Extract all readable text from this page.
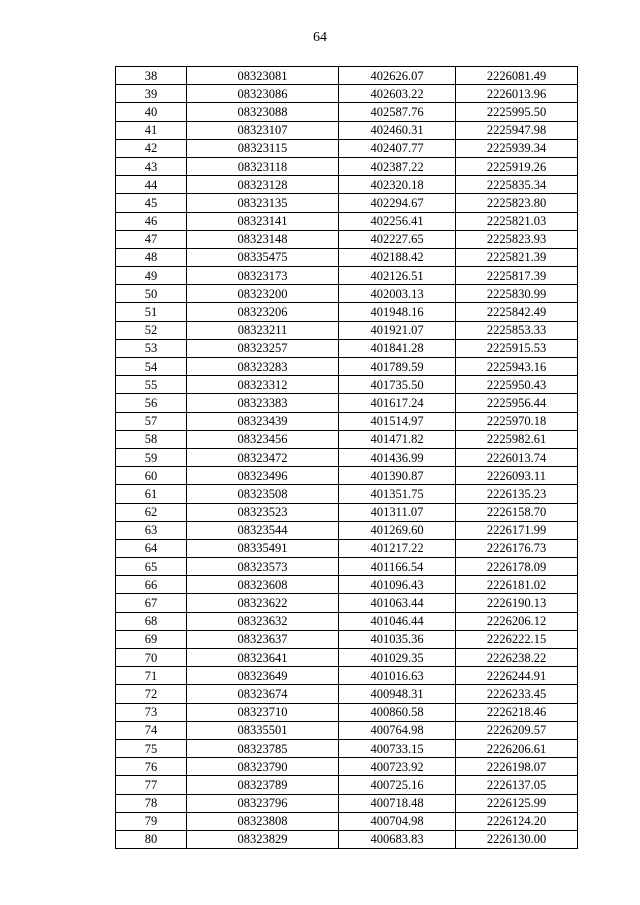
64
38	08323081	402626.07	2226081.49
39	08323086	402603.22	2226013.96
40	08323088	402587.76	2225995.50
41	08323107	402460.31	2225947.98
42	08323115	402407.77	2225939.34
43	08323118	402387.22	2225919.26
44	08323128	402320.18	2225835.34
45	08323135	402294.67	2225823.80
46	08323141	402256.41	2225821.03
47	08323148	402227.65	2225823.93
48	08335475	402188.42	2225821.39
49	08323173	402126.51	2225817.39
50	08323200	402003.13	2225830.99
51	08323206	401948.16	2225842.49
52	08323211	401921.07	2225853.33
53	08323257	401841.28	2225915.53
54	08323283	401789.59	2225943.16
55	08323312	401735.50	2225950.43
56	08323383	401617.24	2225956.44
57	08323439	401514.97	2225970.18
58	08323456	401471.82	2225982.61
59	08323472	401436.99	2226013.74
60	08323496	401390.87	2226093.11
61	08323508	401351.75	2226135.23
62	08323523	401311.07	2226158.70
63	08323544	401269.60	2226171.99
64	08335491	401217.22	2226176.73
65	08323573	401166.54	2226178.09
66	08323608	401096.43	2226181.02
67	08323622	401063.44	2226190.13
68	08323632	401046.44	2226206.12
69	08323637	401035.36	2226222.15
70	08323641	401029.35	2226238.22
71	08323649	401016.63	2226244.91
72	08323674	400948.31	2226233.45
73	08323710	400860.58	2226218.46
74	08335501	400764.98	2226209.57
75	08323785	400733.15	2226206.61
76	08323790	400723.92	2226198.07
77	08323789	400725.16	2226137.05
78	08323796	400718.48	2226125.99
79	08323808	400704.98	2226124.20
80	08323829	400683.83	2226130.00
